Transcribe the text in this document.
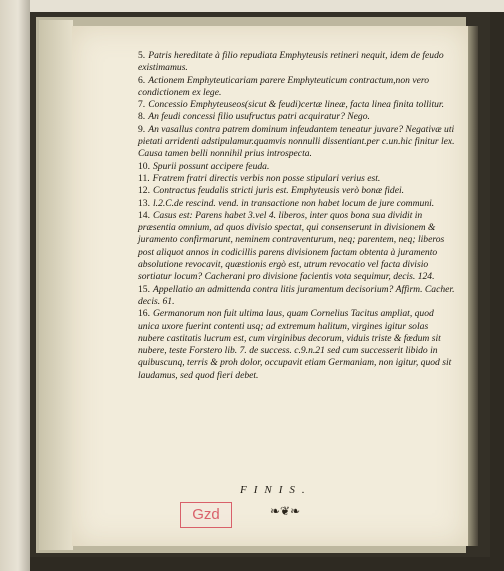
5. Patris hereditate à filio repudiata Emphyteusis retineri nequit, idem de feudo existimamus.

6. Actionem Emphyteuticariam parere Emphyteuticum contractum,non vero condictionem ex lege.

7. Concessio Emphyteuseos(sicut & feudi)certæ lineæ, facta linea finita tollitur.

8. An feudi concessi filio usufructus patri acquiratur? Nego.

9. An vasallus contra patrem dominum infeudantem teneatur juvare? Negativæ uti pietati arridenti adstipulamur.quamvis nonnulli dissentiant.per c.un.hic finitur lex. Causa tamen belli nonnihil prius introspecta.

10. Spurii possunt accipere feuda.

11. Fratrem fratri directis verbis non posse stipulari verius est.

12. Contractus feudalis stricti juris est. Emphyteusis verò bonæ fidei.

13. l.2.C.de rescind. vend. in transactione non habet locum de jure communi.

14. Casus est: Parens habet 3.vel 4. liberos, inter quos bona sua dividit in præsentia omnium, ad quos divisio spectat, qui consenserunt in divisionem & juramento confirmarunt, neminem contraventurum, neq; parentem, neq; liberos post aliquot annos in codicillis parens divisionem factam obtenta à juramento absolutione revocavit, quæstionis ergò est, utrum revocatio vel facta divisio sortiatur locum? Cacherani pro divisione facientis vota sequimur, decis. 124.

15. Appellatio an admittenda contra litis juramentum decisorium? Affirm. Cacher. decis. 61.

16. Germanorum non fuit ultima laus, quam Cornelius Tacitus ampliat, quod unica uxore fuerint contenti usq; ad extremum halitum, virgines igitur solas nubere castitatis lucrum est, cum virginibus decorum, viduis triste & fœdum sit nubere, teste Forstero lib. 7. de success. c.9.n.21 sed cum successerit libido in quibuscunq, terris & proh dolor, occupavit etiam Germaniam, non igitur, quod sit laudamus, sed quod fieri debet.

FINIS.
Gzd	❧❦❧
